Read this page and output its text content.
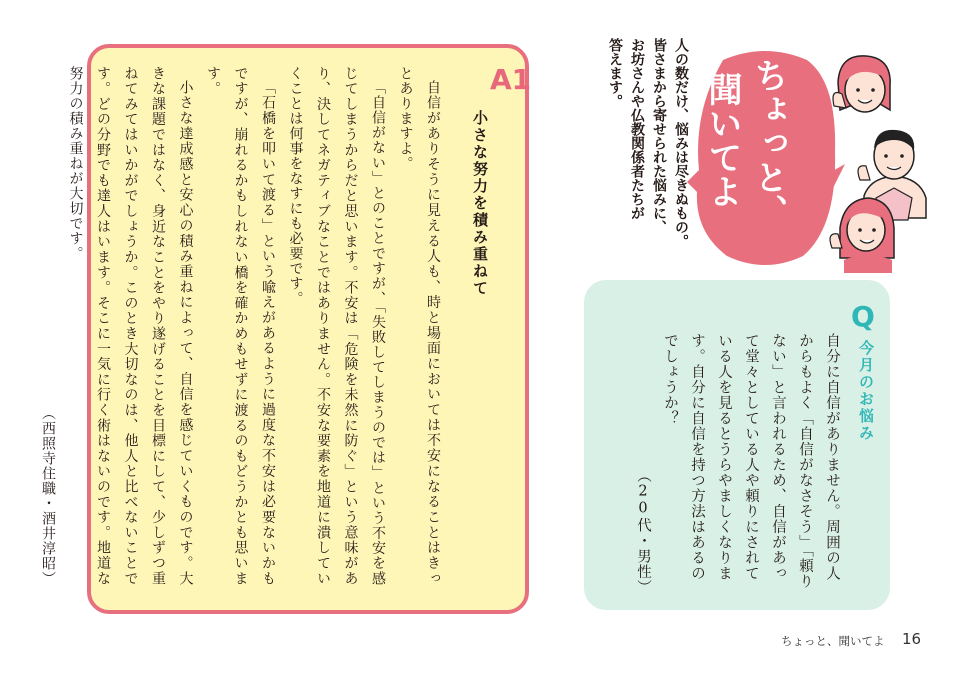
A1
小さな努力を積み重ねて

自信がありそうに見える人も、時と場面においては不安になることはきっとありますよ。

「自信がない」とのことですが、「失敗してしまうのでは」という不安を感じてしまうからだと思います。不安は「危険を未然に防ぐ」という意味があり、決してネガティブなことではありません。不安な要素を地道に潰していくことは何事をなすにも必要です。

「石橋を叩いて渡る」という喩えがあるように過度な不安は必要ないかもですが、崩れるかもしれない橋を確かめもせずに渡るのもどうかとも思います。

小さな達成感と安心の積み重ねによって、自信を感じていくものです。大きな課題ではなく、身近なことをやり遂げることを目標にして、少しずつ重ねてみてはいかがでしょうか。このとき大切なのは、他人と比べないことです。どの分野でも達人はいます。そこに一気に行く術はないのです。地道な努力の積み重ねが大切です。

（西照寺住職・酒井淳昭）

Q
今月のお悩み

自分に自信がありません。周囲の人からもよく「自信がなさそう」「頼りない」と言われるため、自信があって堂々としている人や頼りにされている人を見るとうらやましくなります。自分に自信を持つ方法はあるのでしょうか？

（20代・男性）

人の数だけ、悩みは尽きぬもの。
皆さまから寄せられた悩みに、
お坊さんや仏教関係者たちが
答えます。	ちょっと、
聞いてよ
ちょっと、聞いてよ 16
